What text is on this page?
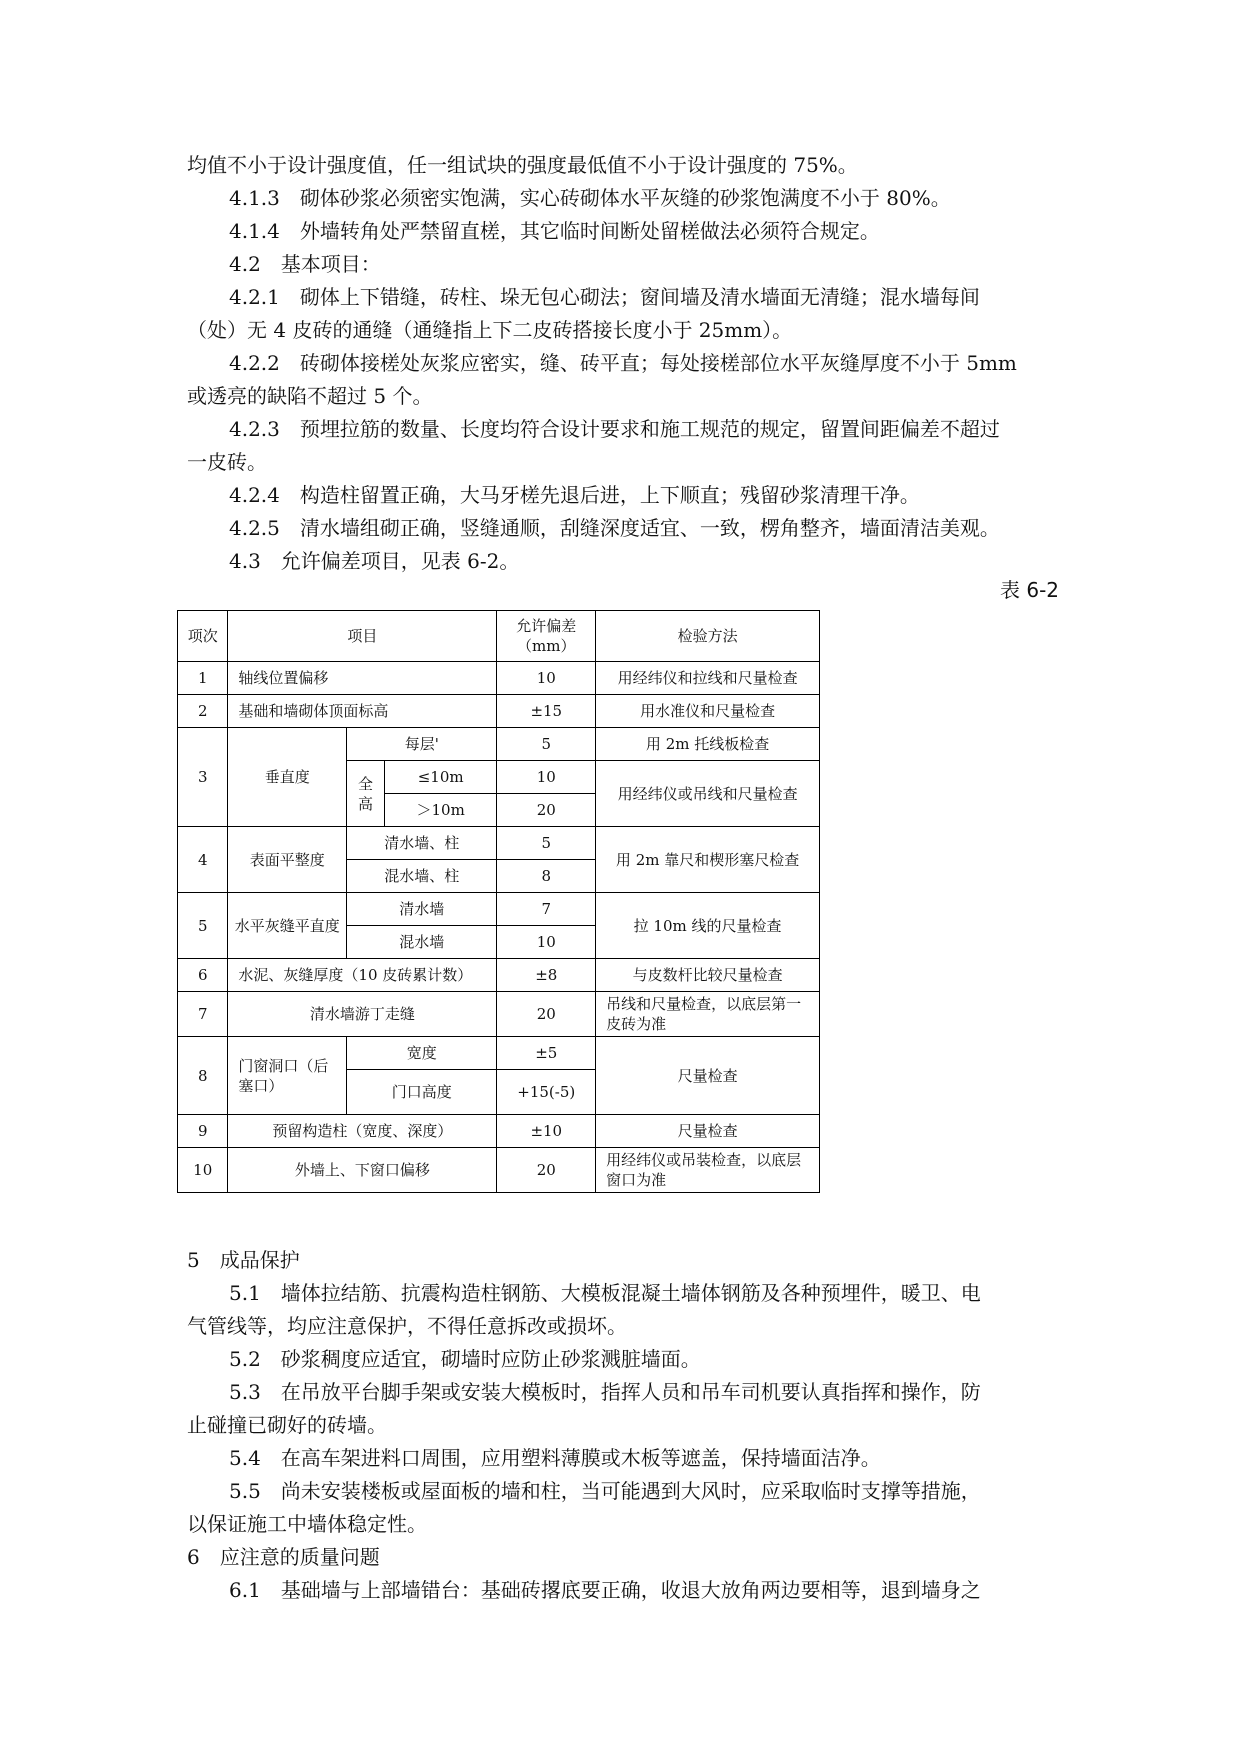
均值不小于设计强度值，任一组试块的强度最低值不小于设计强度的 75%。
4.1.3　砌体砂浆必须密实饱满，实心砖砌体水平灰缝的砂浆饱满度不小于 80%。
4.1.4　外墙转角处严禁留直槎，其它临时间断处留槎做法必须符合规定。
4.2　基本项目：
4.2.1　砌体上下错缝，砖柱、垛无包心砌法；窗间墙及清水墙面无清缝；混水墙每间
（处）无 4 皮砖的通缝（通缝指上下二皮砖搭接长度小于 25mm）。
4.2.2　砖砌体接槎处灰浆应密实，缝、砖平直；每处接槎部位水平灰缝厚度不小于 5mm
或透亮的缺陷不超过 5 个。
4.2.3　预埋拉筋的数量、长度均符合设计要求和施工规范的规定，留置间距偏差不超过
一皮砖。
4.2.4　构造柱留置正确，大马牙槎先退后进，上下顺直；残留砂浆清理干净。
4.2.5　清水墙组砌正确，竖缝通顺，刮缝深度适宜、一致，楞角整齐，墙面清洁美观。
4.3　允许偏差项目，见表 6-2。
表 6-2
项次	项目			允许偏差（mm）	检验方法
1	轴线位置偏移			10	用经纬仪和拉线和尺量检查
2	基础和墙砌体顶面标高			±15	用水准仪和尺量检查
3	垂直度	每层'		5	用 2m 托线板检查
		全高	≤10m	10	用经纬仪或吊线和尺量检查
			＞10m	20	
4	表面平整度	清水墙、柱		5	用 2m 靠尺和楔形塞尺检查
		混水墙、柱		8	
5	水平灰缝平直度	清水墙		7	拉 10m 线的尺量检查
		混水墙		10	
6	水泥、灰缝厚度（10 皮砖累计数）			±8	与皮数杆比较尺量检查
7	清水墙游丁走缝			20	吊线和尺量检查，以底层第一皮砖为准
8	门窗洞口（后塞口）	宽度		±5	尺量检查
		门口高度		+15(-5)	
9	预留构造柱（宽度、深度）			±10	尺量检查
10	外墙上、下窗口偏移			20	用经纬仪或吊装检查，以底层窗口为准
5　成品保护
5.1　墙体拉结筋、抗震构造柱钢筋、大模板混凝土墙体钢筋及各种预埋件，暖卫、电
气管线等，均应注意保护，不得任意拆改或损坏。
5.2　砂浆稠度应适宜，砌墙时应防止砂浆溅脏墙面。
5.3　在吊放平台脚手架或安装大模板时，指挥人员和吊车司机要认真指挥和操作，防
止碰撞已砌好的砖墙。
5.4　在高车架进料口周围，应用塑料薄膜或木板等遮盖，保持墙面洁净。
5.5　尚未安装楼板或屋面板的墙和柱，当可能遇到大风时，应采取临时支撑等措施，
以保证施工中墙体稳定性。
6　应注意的质量问题
6.1　基础墙与上部墙错台：基础砖撂底要正确，收退大放角两边要相等，退到墙身之
